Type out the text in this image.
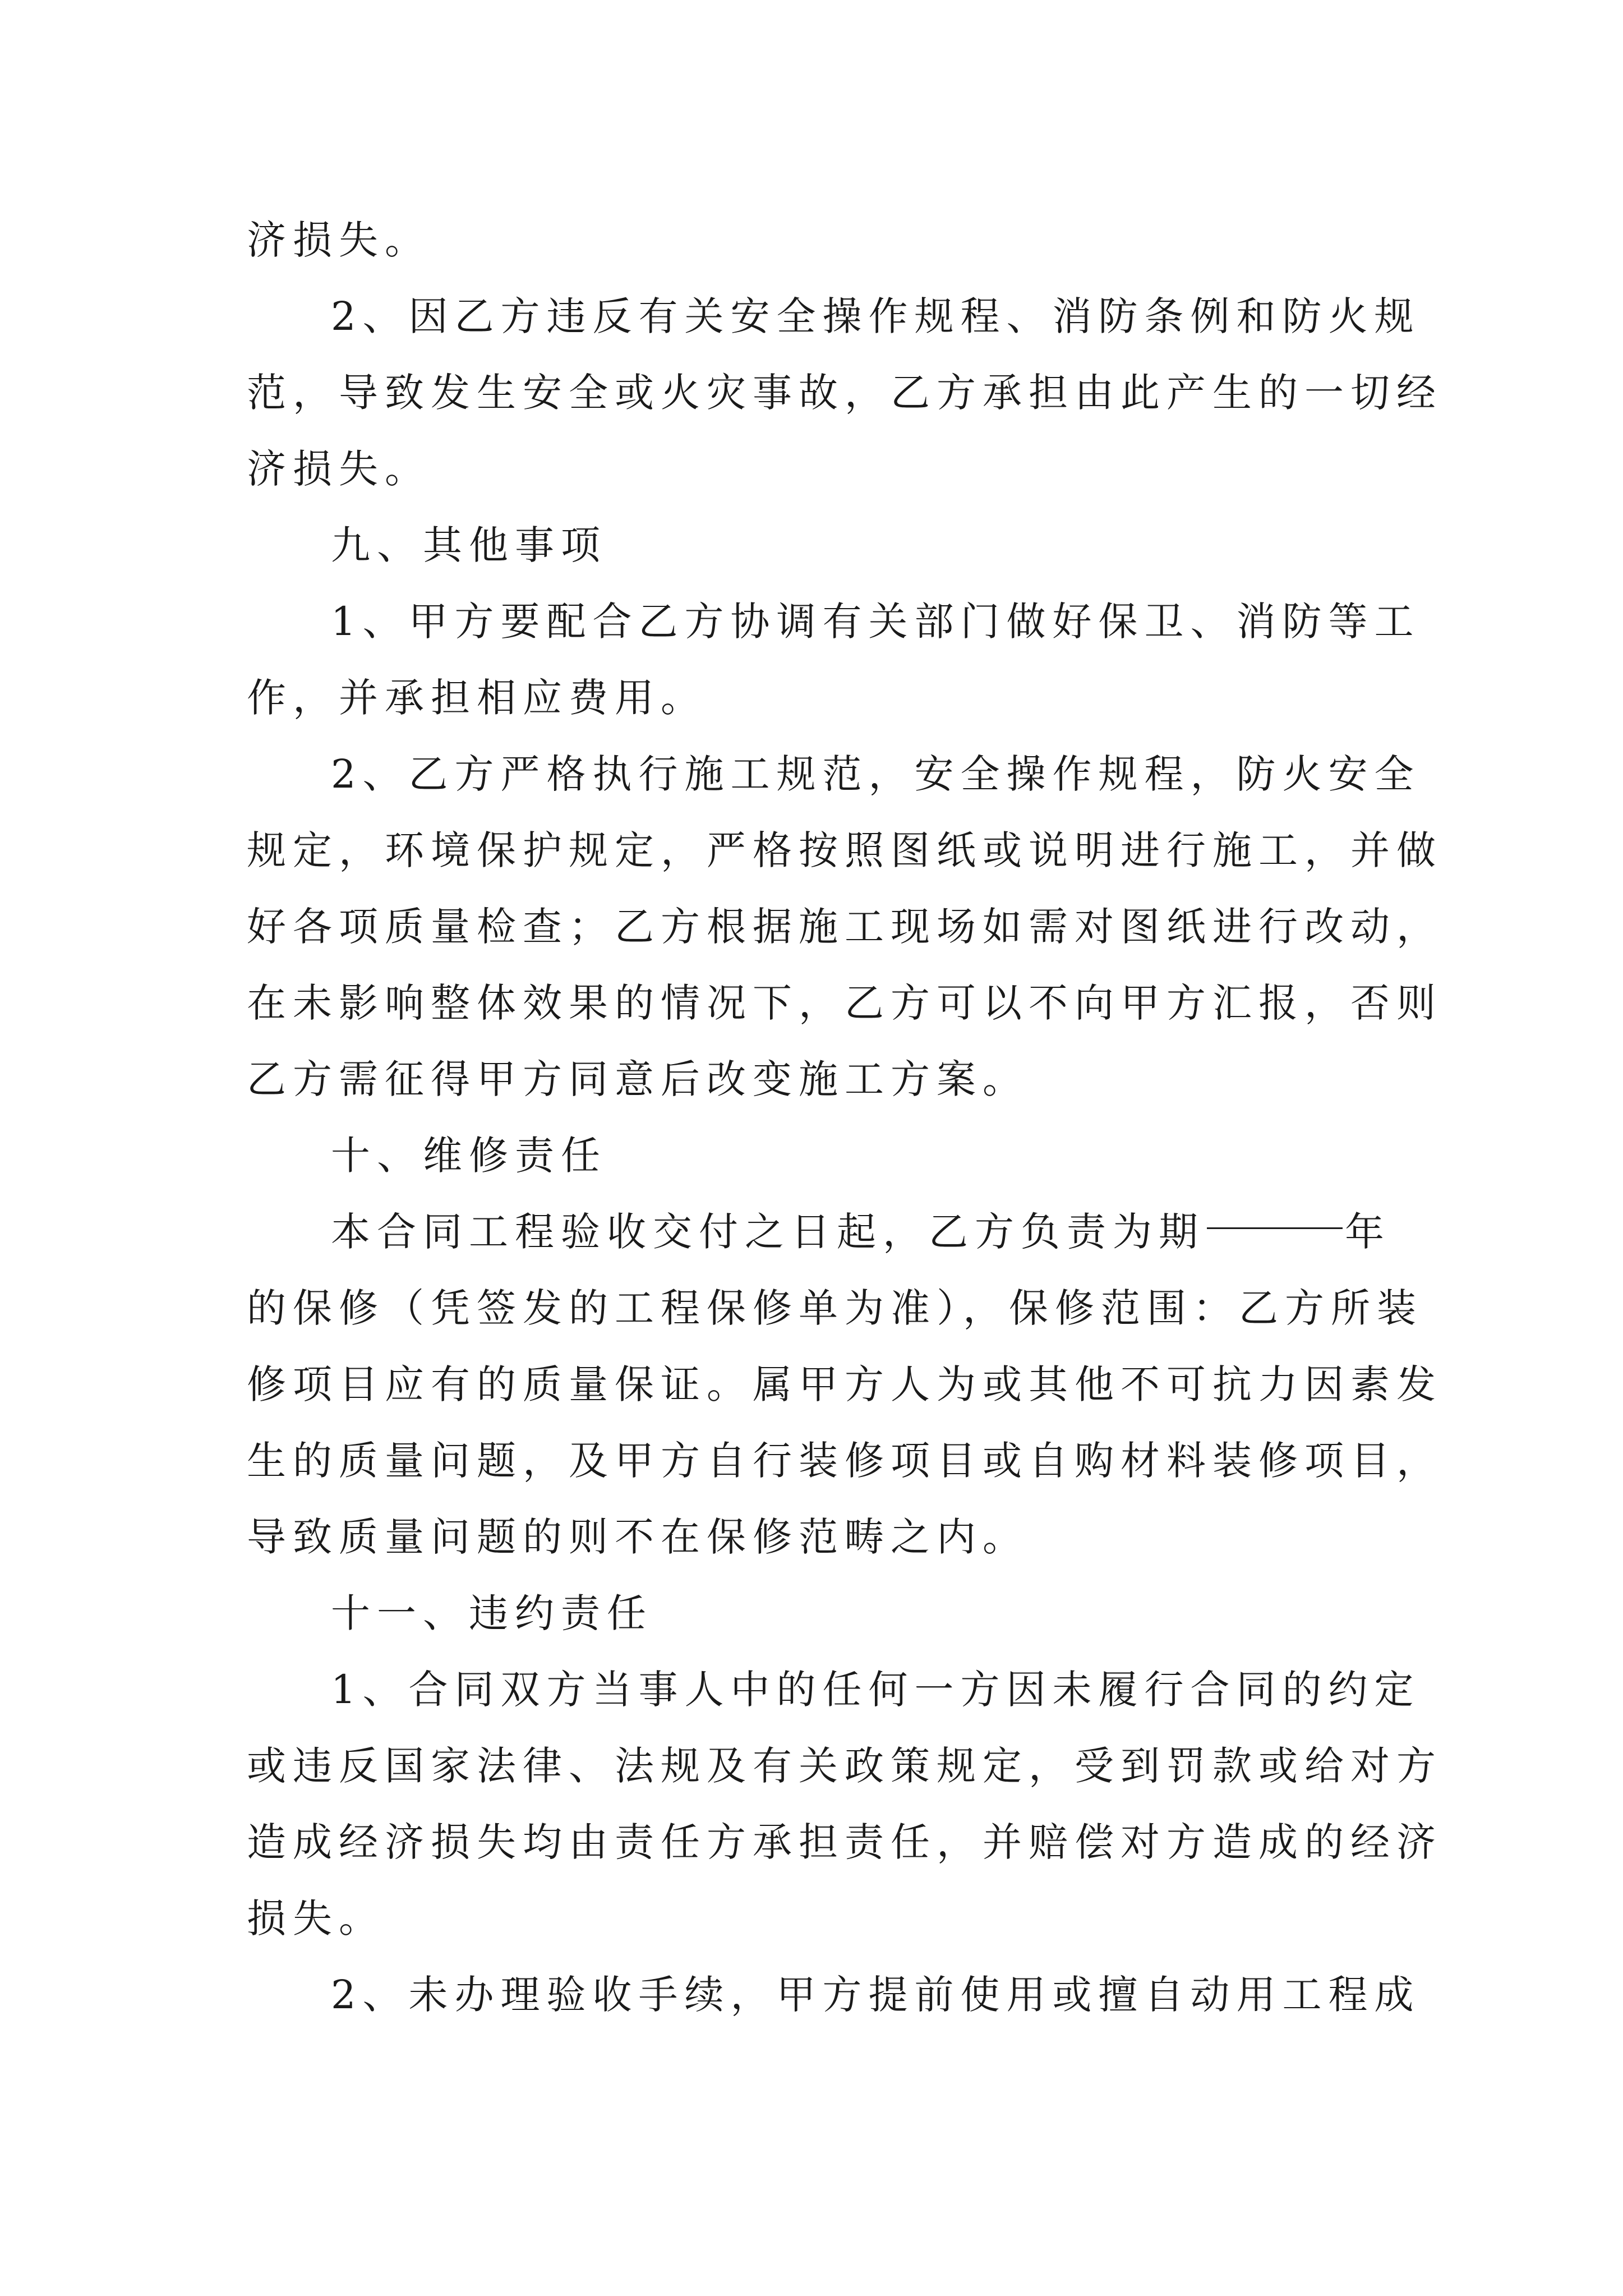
济损失。
2、因乙方违反有关安全操作规程、消防条例和防火规
范，导致发生安全或火灾事故，乙方承担由此产生的一切经
济损失。
九、其他事项
1、甲方要配合乙方协调有关部门做好保卫、消防等工
作，并承担相应费用。
2、乙方严格执行施工规范，安全操作规程，防火安全
规定，环境保护规定，严格按照图纸或说明进行施工，并做
好各项质量检查；乙方根据施工现场如需对图纸进行改动，
在未影响整体效果的情况下，乙方可以不向甲方汇报，否则
乙方需征得甲方同意后改变施工方案。
十、维修责任
本合同工程验收交付之日起，乙方负责为期	年
的保修（凭签发的工程保修单为准），保修范围：乙方所装
修项目应有的质量保证。属甲方人为或其他不可抗力因素发
生的质量问题，及甲方自行装修项目或自购材料装修项目，
导致质量问题的则不在保修范畴之内。
十一、违约责任
1、合同双方当事人中的任何一方因未履行合同的约定
或违反国家法律、法规及有关政策规定，受到罚款或给对方
造成经济损失均由责任方承担责任，并赔偿对方造成的经济
损失。
2、未办理验收手续，甲方提前使用或擅自动用工程成
